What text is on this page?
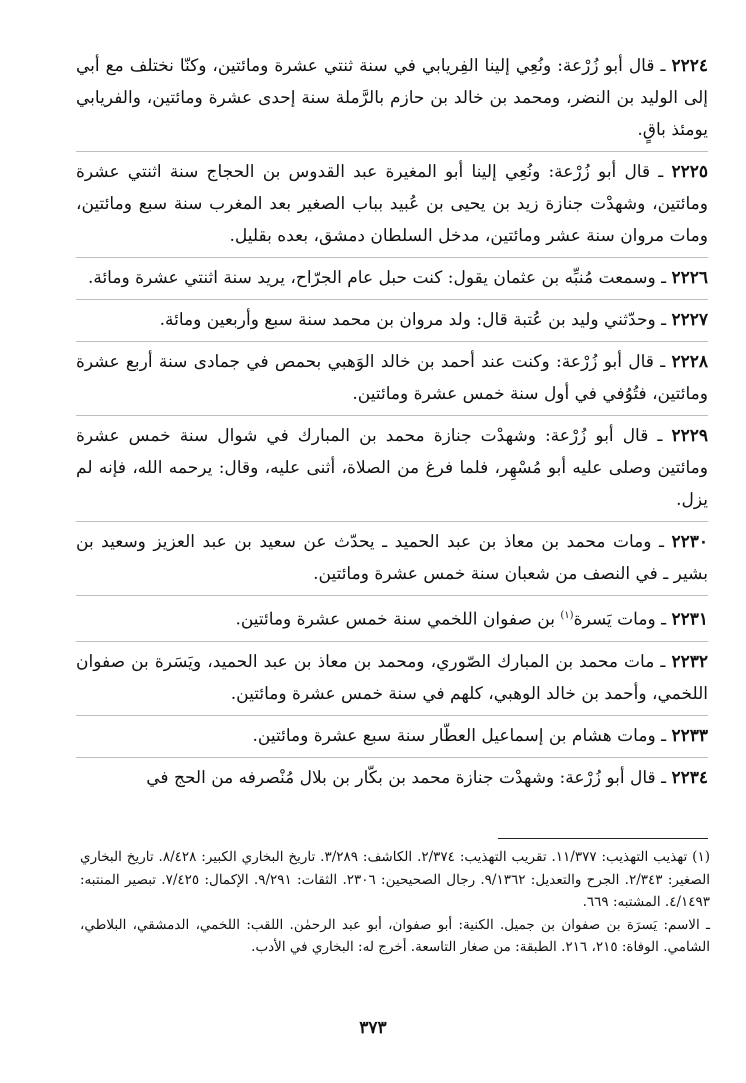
٢٢٢٤ ـ قال أبو زُرْعة: ونُعِي إلينا الفِريابي في سنة ثنتي عشرة ومائتين، وكنّا نختلف مع أبي إلى الوليد بن النضر، ومحمد بن خالد بن حازم بالرَّملة سنة إحدى عشرة ومائتين، والفريابي يومئذ باقٍ.

٢٢٢٥ ـ قال أبو زُرْعة: ونُعِي إلينا أبو المغيرة عبد القدوس بن الحجاج سنة اثنتي عشرة ومائتين، وشهدْت جنازة زيد بن يحيى بن عُبيد بباب الصغير بعد المغرب سنة سبع ومائتين، ومات مروان سنة عشر ومائتين، مدخل السلطان دمشق، بعده بقليل.

٢٢٢٦ ـ وسمعت مُنبِّه بن عثمان يقول: كنت حبل عام الجرّاح، يريد سنة اثنتي عشرة ومائة.

٢٢٢٧ ـ وحدّثني وليد بن عُتبة قال: ولد مروان بن محمد سنة سبع وأربعين ومائة.

٢٢٢٨ ـ قال أبو زُرْعة: وكنت عند أحمد بن خالد الوَهبي بحمص في جمادى سنة أربع عشرة ومائتين، فتُوُفي في أول سنة خمس عشرة ومائتين.

٢٢٢٩ ـ قال أبو زُرْعة: وشهدْت جنازة محمد بن المبارك في شوال سنة خمس عشرة ومائتين وصلى عليه أبو مُسْهِر، فلما فرغ من الصلاة، أثنى عليه، وقال: يرحمه الله، فإنه لم يزل.

٢٢٣٠ ـ ومات محمد بن معاذ بن عبد الحميد ـ يحدّث عن سعيد بن عبد العزيز وسعيد بن بشير ـ في النصف من شعبان سنة خمس عشرة ومائتين.

٢٢٣١ ـ ومات يَسرة$^{(١)}$ بن صفوان اللخمي سنة خمس عشرة ومائتين.

٢٢٣٢ ـ مات محمد بن المبارك الصّوري، ومحمد بن معاذ بن عبد الحميد، ويَسَرة بن صفوان اللخمي، وأحمد بن خالد الوهبي، كلهم في سنة خمس عشرة ومائتين.

٢٢٣٣ ـ ومات هشام بن إسماعيل العطّار سنة سبع عشرة ومائتين.

٢٢٣٤ ـ قال أبو زُرْعة: وشهدْت جنازة محمد بن بكّار بن بلال مُنْصرفه من الحج في

(١) تهذيب التهذيب: ١١/٣٧٧. تقريب التهذيب: ٢/٣٧٤. الكاشف: ٣/٢٨٩. تاريخ البخاري الكبير: ٨/٤٢٨. تاريخ البخاري الصغير: ٢/٣٤٣. الجرح والتعديل: ٩/١٣٦٢. رجال الصحيحين: ٢٣٠٦. الثقات: ٩/٢٩١. الإكمال: ٧/٤٢٥. تبصير المنتبه: ٤/١٤٩٣. المشتبه: ٦٦٩.

ـ الاسم: يَسرَة بن صفوان بن جميل. الكنية: أبو صفوان، أبو عبد الرحمٰن. اللقب: اللخمي، الدمشقي، البلاطي، الشامي. الوفاة: ٢١٥، ٢١٦. الطبقة: من صغار التاسعة. أخرج له: البخاري في الأدب.

٣٧٣
